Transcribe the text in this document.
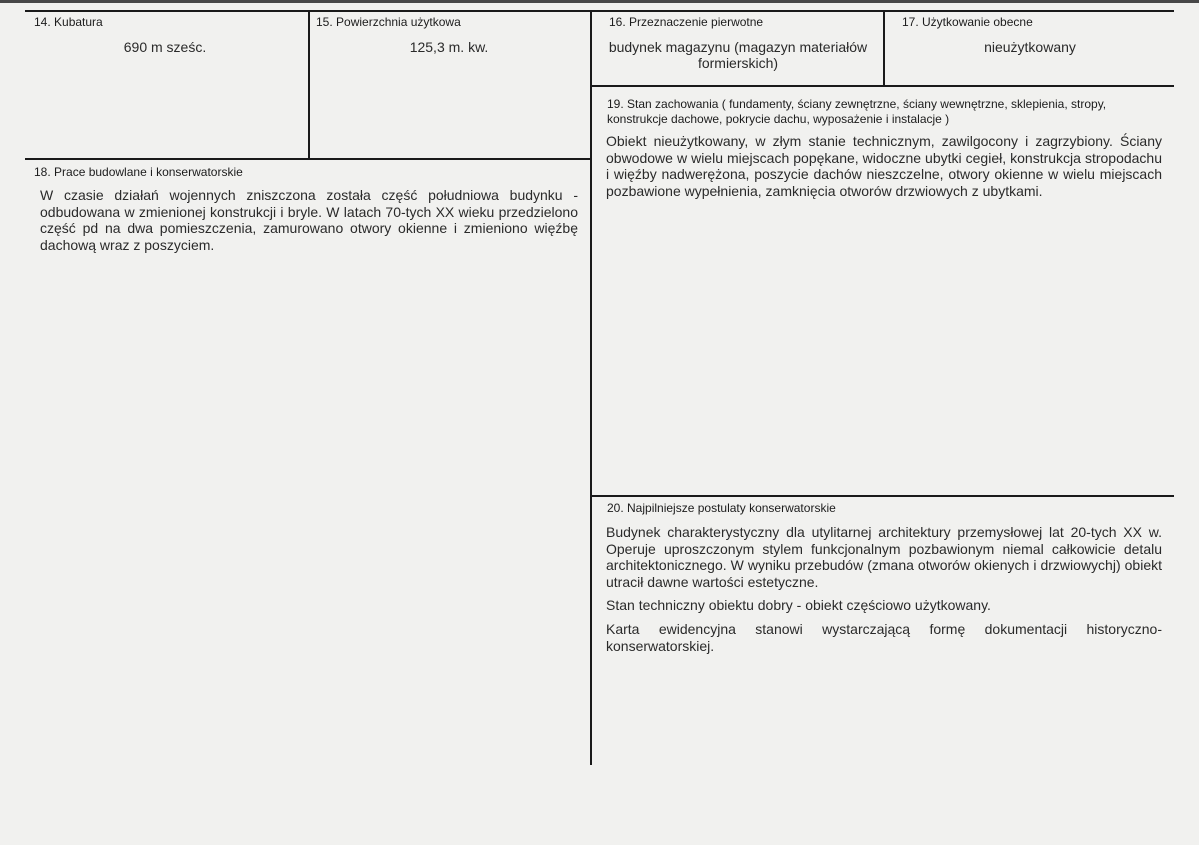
14. Kubatura
690 m sześc.
15. Powierzchnia użytkowa
125,3 m. kw.
16. Przeznaczenie pierwotne
budynek magazynu (magazyn materiałów formierskich)
17. Użytkowanie obecne
nieużytkowany
18. Prace budowlane i konserwatorskie

W czasie działań wojennych zniszczona została część południowa budynku - odbudowana w zmienionej konstrukcji i bryle. W latach 70-tych XX wieku przedzielono część pd na dwa pomieszczenia, zamurowano otwory okienne i zmieniono więźbę dachową wraz z poszyciem.

19. Stan zachowania ( fundamenty, ściany zewnętrzne, ściany wewnętrzne, sklepienia, stropy, konstrukcje dachowe, pokrycie dachu, wyposażenie i instalacje )

Obiekt nieużytkowany, w złym stanie technicznym, zawilgocony i zagrzybiony. Ściany obwodowe w wielu miejscach popękane, widoczne ubytki cegieł, konstrukcja stropodachu i więźby nadwerężona, poszycie dachów nieszczelne, otwory okienne w wielu miejscach pozbawione wypełnienia, zamknięcia otworów drzwiowych z ubytkami.

20. Najpilniejsze postulaty konserwatorskie

Budynek charakterystyczny dla utylitarnej architektury przemysłowej lat 20-tych XX w. Operuje uproszczonym stylem funkcjonalnym pozbawionym niemal całkowicie detalu architektonicznego. W wyniku przebudów (zmana otworów okienych i drzwiowychj) obiekt utracił dawne wartości estetyczne.

Stan techniczny obiektu dobry - obiekt częściowo użytkowany.

Karta ewidencyjna stanowi wystarczającą formę dokumentacji historyczno-konserwatorskiej.
